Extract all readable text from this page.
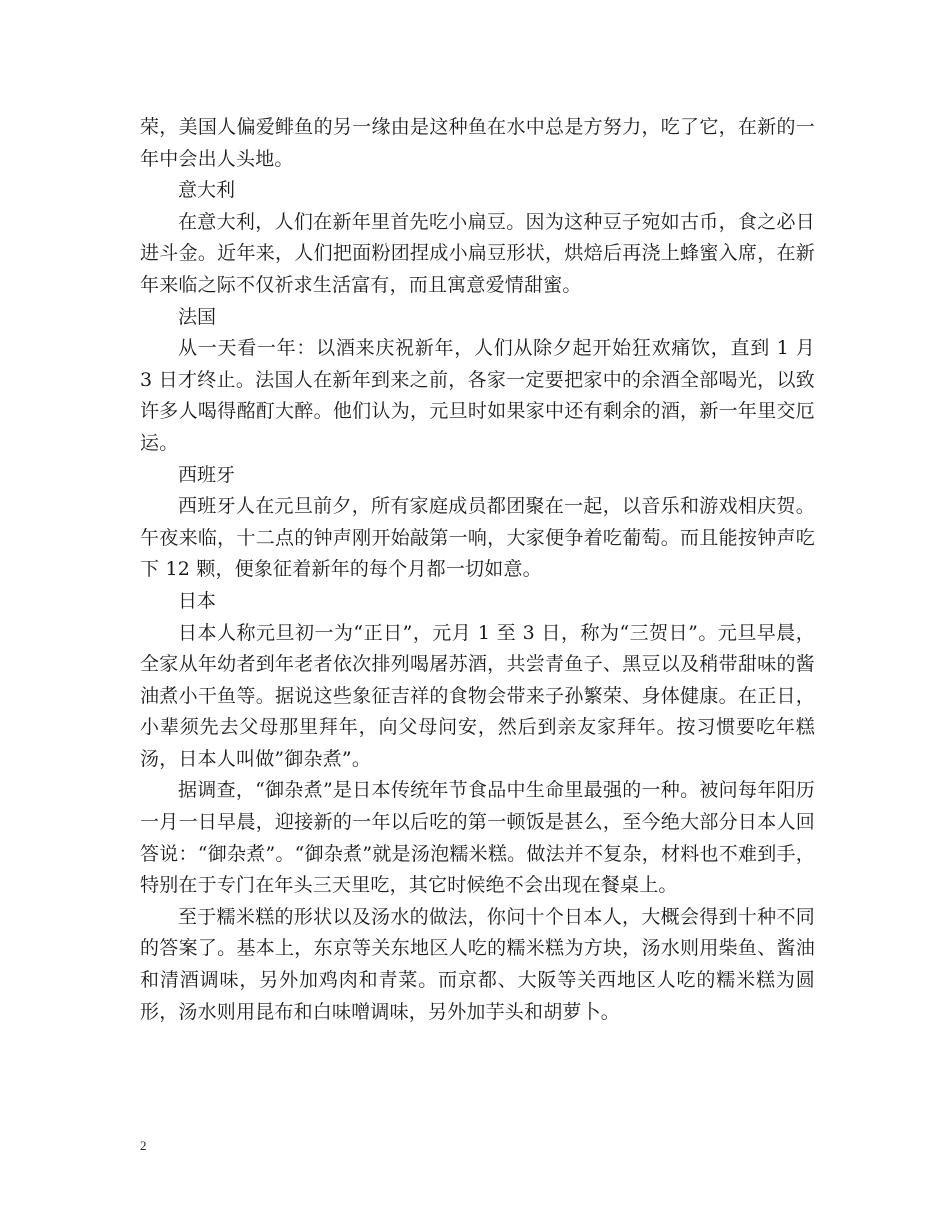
荣，美国人偏爱鲱鱼的另一缘由是这种鱼在水中总是方努力，吃了它，在新的一年中会出人头地。

意大利

在意大利，人们在新年里首先吃小扁豆。因为这种豆子宛如古币，食之必日进斗金。近年来，人们把面粉团捏成小扁豆形状，烘焙后再浇上蜂蜜入席，在新年来临之际不仅祈求生活富有，而且寓意爱情甜蜜。

法国

从一天看一年：以酒来庆祝新年，人们从除夕起开始狂欢痛饮，直到 1 月 3 日才终止。法国人在新年到来之前，各家一定要把家中的余酒全部喝光，以致许多人喝得酩酊大醉。他们认为，元旦时如果家中还有剩余的酒，新一年里交厄运。

西班牙

西班牙人在元旦前夕，所有家庭成员都团聚在一起，以音乐和游戏相庆贺。午夜来临，十二点的钟声刚开始敲第一响，大家便争着吃葡萄。而且能按钟声吃下 12 颗，便象征着新年的每个月都一切如意。

日本

日本人称元旦初一为“正日”，元月 1 至 3 日，称为“三贺日”。元旦早晨，全家从年幼者到年老者依次排列喝屠苏酒，共尝青鱼子、黑豆以及稍带甜味的酱油煮小干鱼等。据说这些象征吉祥的食物会带来子孙繁荣、身体健康。在正日，小辈须先去父母那里拜年，向父母问安，然后到亲友家拜年。按习惯要吃年糕汤，日本人叫做”御杂煮”。

据调查，“御杂煮”是日本传统年节食品中生命里最强的一种。被问每年阳历一月一日早晨，迎接新的一年以后吃的第一顿饭是甚么，至今绝大部分日本人回答说：“御杂煮”。“御杂煮”就是汤泡糯米糕。做法并不复杂，材料也不难到手，特别在于专门在年头三天里吃，其它时候绝不会出现在餐桌上。

至于糯米糕的形状以及汤水的做法，你问十个日本人，大概会得到十种不同的答案了。基本上，东京等关东地区人吃的糯米糕为方块，汤水则用柴鱼、酱油和清酒调味，另外加鸡肉和青菜。而京都、大阪等关西地区人吃的糯米糕为圆形，汤水则用昆布和白味噌调味，另外加芋头和胡萝卜。

2
